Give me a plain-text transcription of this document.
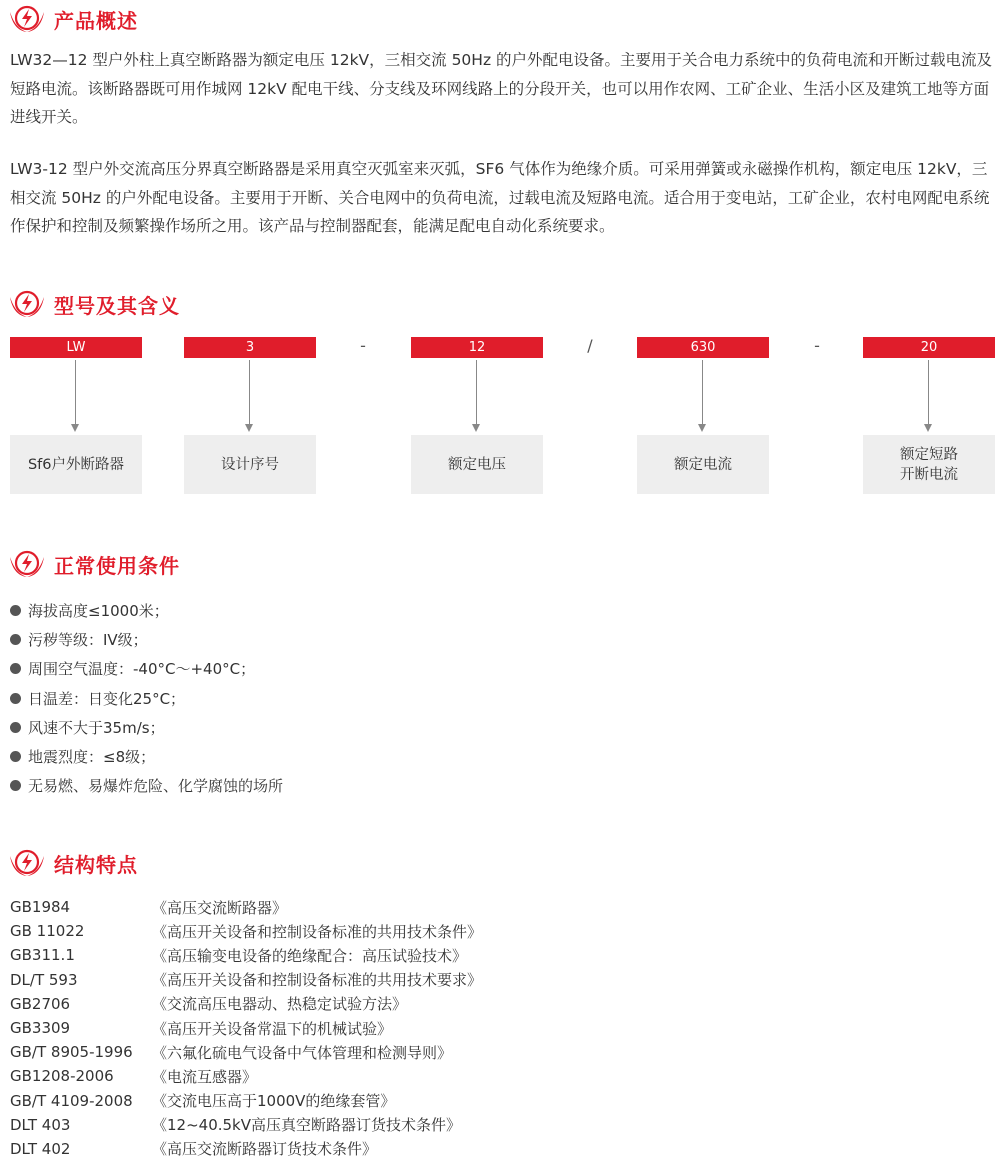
产品概述

LW32—12 型户外柱上真空断路器为额定电压 12kV，三相交流 50Hz 的户外配电设备。主要用于关合电力系统中的负荷电流和开断过载电流及短路电流。该断路器既可用作城网 12kV 配电干线、分支线及环网线路上的分段开关，也可以用作农网、工矿企业、生活小区及建筑工地等方面进线开关。

LW3-12 型户外交流高压分界真空断路器是采用真空灭弧室来灭弧，SF6 气体作为绝缘介质。可采用弹簧或永磁操作机构，额定电压 12kV，三相交流 50Hz 的户外配电设备。主要用于开断、关合电网中的负荷电流，过载电流及短路电流。适合用于变电站，工矿企业，农村电网配电系统作保护和控制及频繁操作场所之用。该产品与控制器配套，能满足配电自动化系统要求。

型号及其含义
LW	3	12	630	20
-	/	-
Sf6户外断路器	设计序号	额定电压	额定电流
额定短路
开断电流
正常使用条件
海拔高度≤1000米；
污秽等级：IV级；
周围空气温度：-40°C～+40°C；
日温差：日变化25°C；
风速不大于35m/s；
地震烈度：≤8级；
无易燃、易爆炸危险、化学腐蚀的场所
结构特点
GB1984	《高压交流断路器》
GB 11022	《高压开关设备和控制设备标准的共用技术条件》
GB311.1	《高压输变电设备的绝缘配合：高压试验技术》
DL/T 593	《高压开关设备和控制设备标准的共用技术要求》
GB2706	《交流高压电器动、热稳定试验方法》
GB3309	《高压开关设备常温下的机械试验》
GB/T 8905-1996	《六氟化硫电气设备中气体管理和检测导则》
GB1208-2006	《电流互感器》
GB/T 4109-2008	《交流电压高于1000V的绝缘套管》
DLT 403	《12~40.5kV高压真空断路器订货技术条件》
DLT 402	《高压交流断路器订货技术条件》
